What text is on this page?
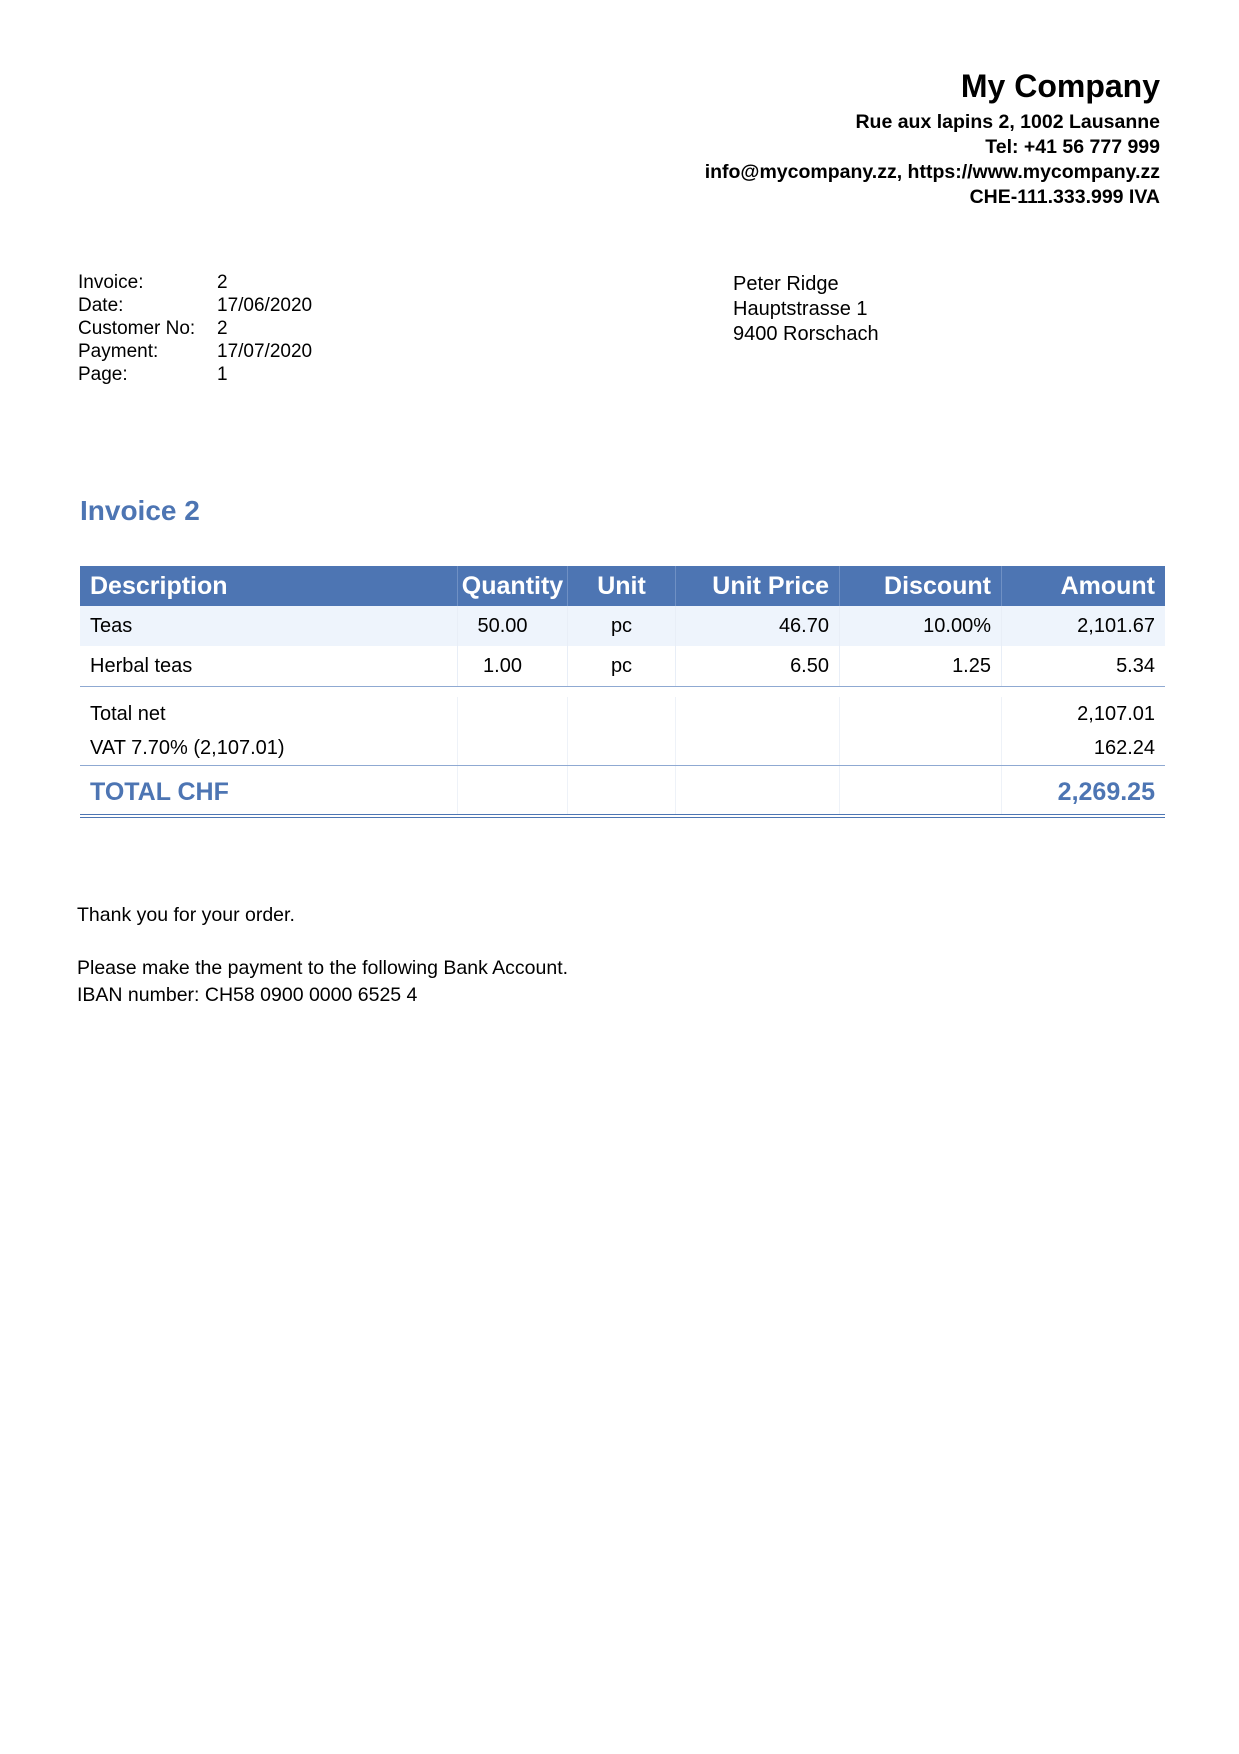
My Company
Rue aux lapins 2, 1002 Lausanne
Tel: +41 56 777 999
info@mycompany.zz, https://www.mycompany.zz
CHE-111.333.999 IVA
Invoice:	2
Date:	17/06/2020
Customer No:	2
Payment:	17/07/2020
Page:	1
Peter Ridge
Hauptstrasse 1
9400 Rorschach
Invoice 2
Description	Quantity	Unit	Unit Price	Discount	Amount
Teas	50.00	pc	46.70	10.00%	2,101.67
Herbal teas	1.00	pc	6.50	1.25	5.34
Total net	2,107.01
VAT 7.70% (2,107.01)	162.24
TOTAL CHF	2,269.25

Thank you for your order.

Please make the payment to the following Bank Account.

IBAN number: CH58 0900 0000 6525 4
